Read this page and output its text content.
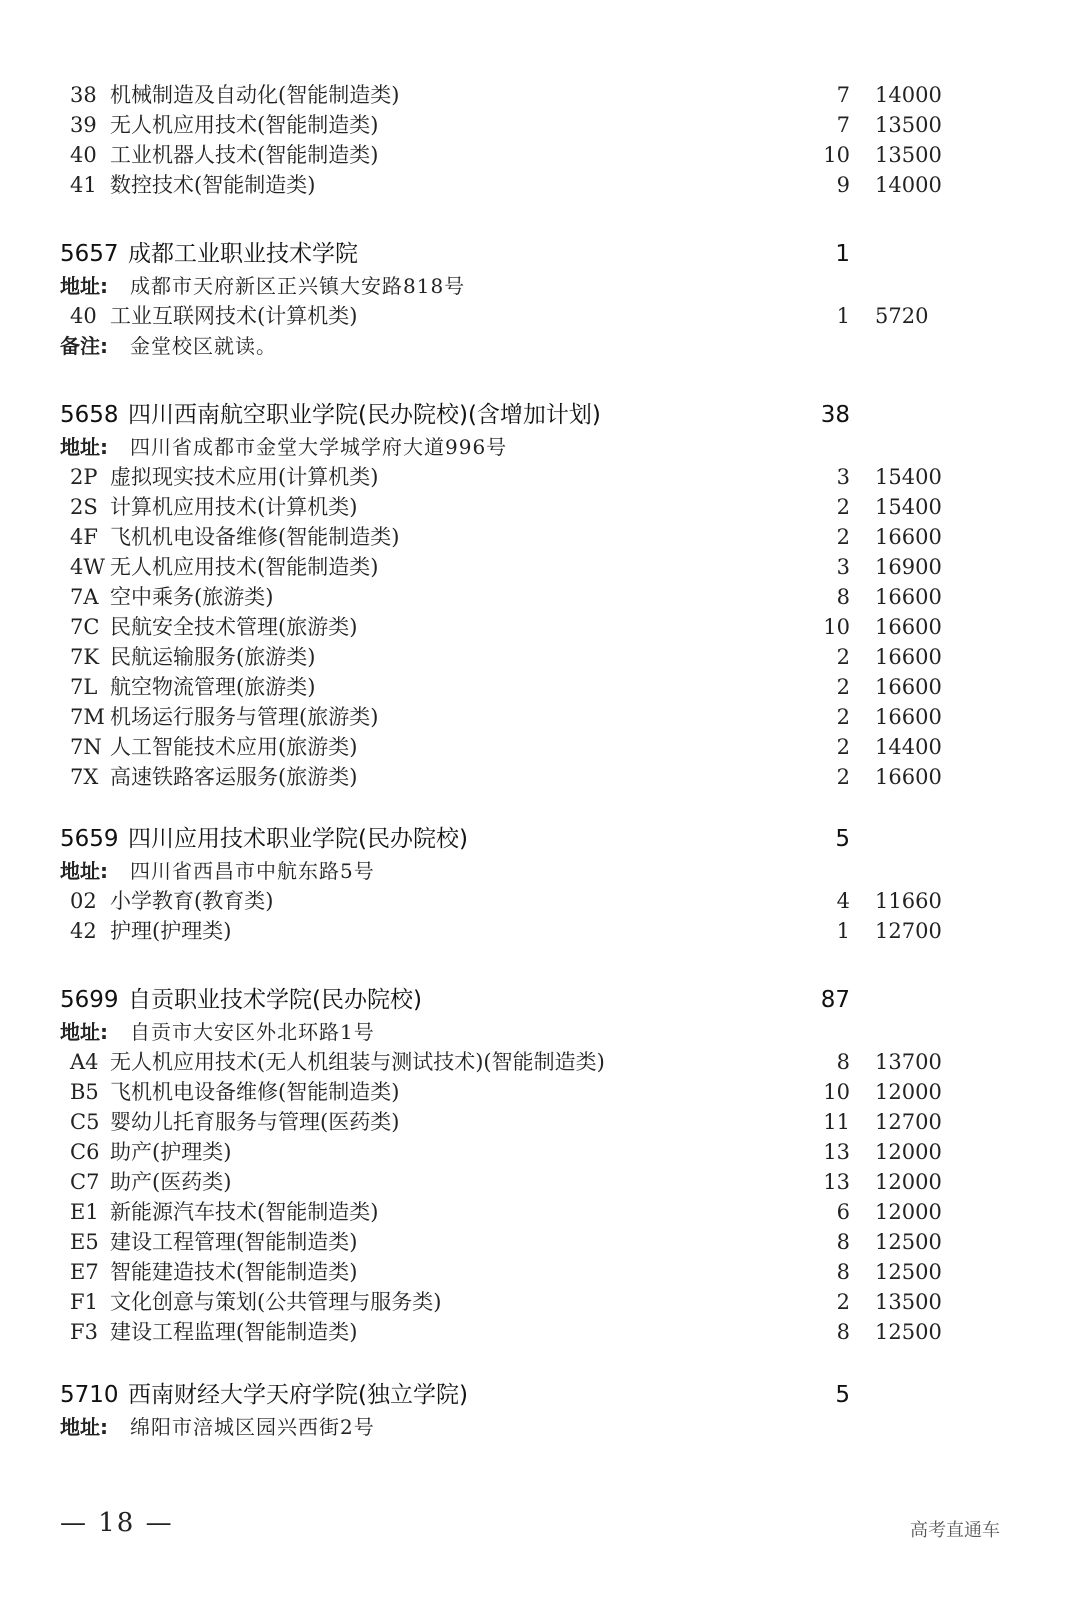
38 机械制造及自动化(智能制造类)	7 14000
39 无人机应用技术(智能制造类)	7 13500
40 工业机器人技术(智能制造类)	10 13500
41 数控技术(智能制造类)	9 14000
5657 成都工业职业技术学院	1
地址: 成都市天府新区正兴镇大安路818号
40 工业互联网技术(计算机类)	1 5720
备注: 金堂校区就读。
5658 四川西南航空职业学院(民办院校)(含增加计划)	38
地址: 四川省成都市金堂大学城学府大道996号
2P 虚拟现实技术应用(计算机类)	3 15400
2S 计算机应用技术(计算机类)	2 15400
4F 飞机机电设备维修(智能制造类)	2 16600
4W 无人机应用技术(智能制造类)	3 16900
7A 空中乘务(旅游类)	8 16600
7C 民航安全技术管理(旅游类)	10 16600
7K 民航运输服务(旅游类)	2 16600
7L 航空物流管理(旅游类)	2 16600
7M 机场运行服务与管理(旅游类)	2 16600
7N 人工智能技术应用(旅游类)	2 14400
7X 高速铁路客运服务(旅游类)	2 16600
5659 四川应用技术职业学院(民办院校)	5
地址: 四川省西昌市中航东路5号
02 小学教育(教育类)	4 11660
42 护理(护理类)	1 12700
5699 自贡职业技术学院(民办院校)	87
地址: 自贡市大安区外北环路1号
A4 无人机应用技术(无人机组装与测试技术)(智能制造类)	8 13700
B5 飞机机电设备维修(智能制造类)	10 12000
C5 婴幼儿托育服务与管理(医药类)	11 12700
C6 助产(护理类)	13 12000
C7 助产(医药类)	13 12000
E1 新能源汽车技术(智能制造类)	6 12000
E5 建设工程管理(智能制造类)	8 12500
E7 智能建造技术(智能制造类)	8 12500
F1 文化创意与策划(公共管理与服务类)	2 13500
F3 建设工程监理(智能制造类)	8 12500
5710 西南财经大学天府学院(独立学院)	5
地址: 绵阳市涪城区园兴西街2号
— 18 —	高考直通车
